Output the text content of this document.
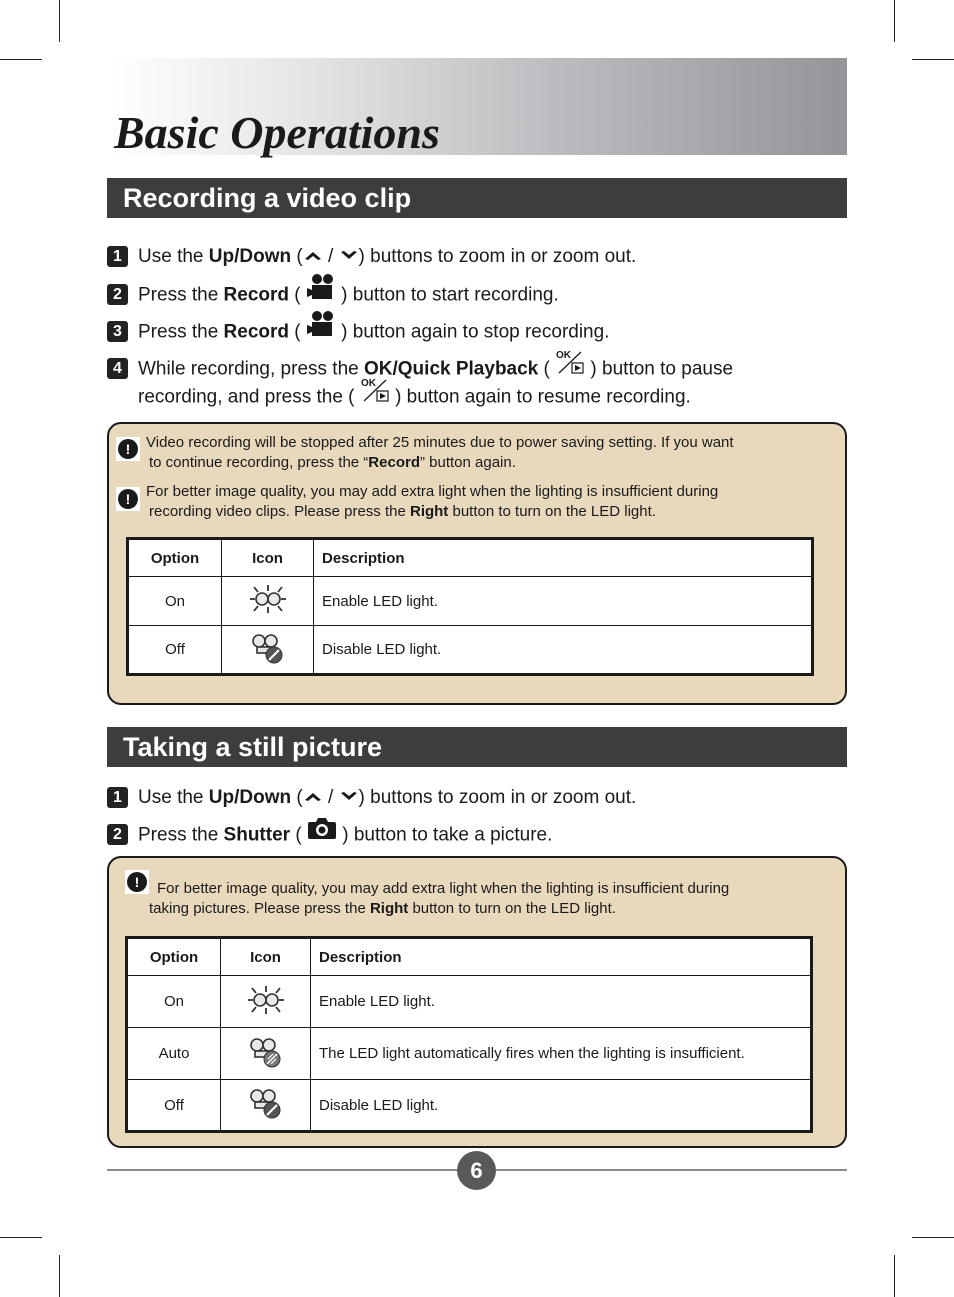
Basic Operations
Recording a video clip
1 Use the Up/Down ( / ) buttons to zoom in or zoom out.
2 Press the Record (  ) button to start recording.
3 Press the Record (  ) button again to stop recording.
4 While recording, press the OK/Quick Playback (
OK
) button to pause
recording, and press the (
OK
) button again to resume recording.
!	Video recording will be stopped after 25 minutes due to power saving setting. If you want
to continue recording, press the “Record” button again.
!	For better image quality, you may add extra light when the lighting is insufficient during
recording video clips. Please press the Right button to turn on the LED light.
Option	Icon	Description
On		Enable LED light.
Off		Disable LED light.
Taking a still picture
1 Use the Up/Down ( / ) buttons to zoom in or zoom out.
2 Press the Shutter (  ) button to take a picture.
!	For better image quality, you may add extra light when the lighting is insufficient during
taking pictures. Please press the Right button to turn on the LED light.
Option	Icon	Description
On		Enable LED light.
Auto		The LED light automatically fires when the lighting is insufficient.
Off		Disable LED light.
6
